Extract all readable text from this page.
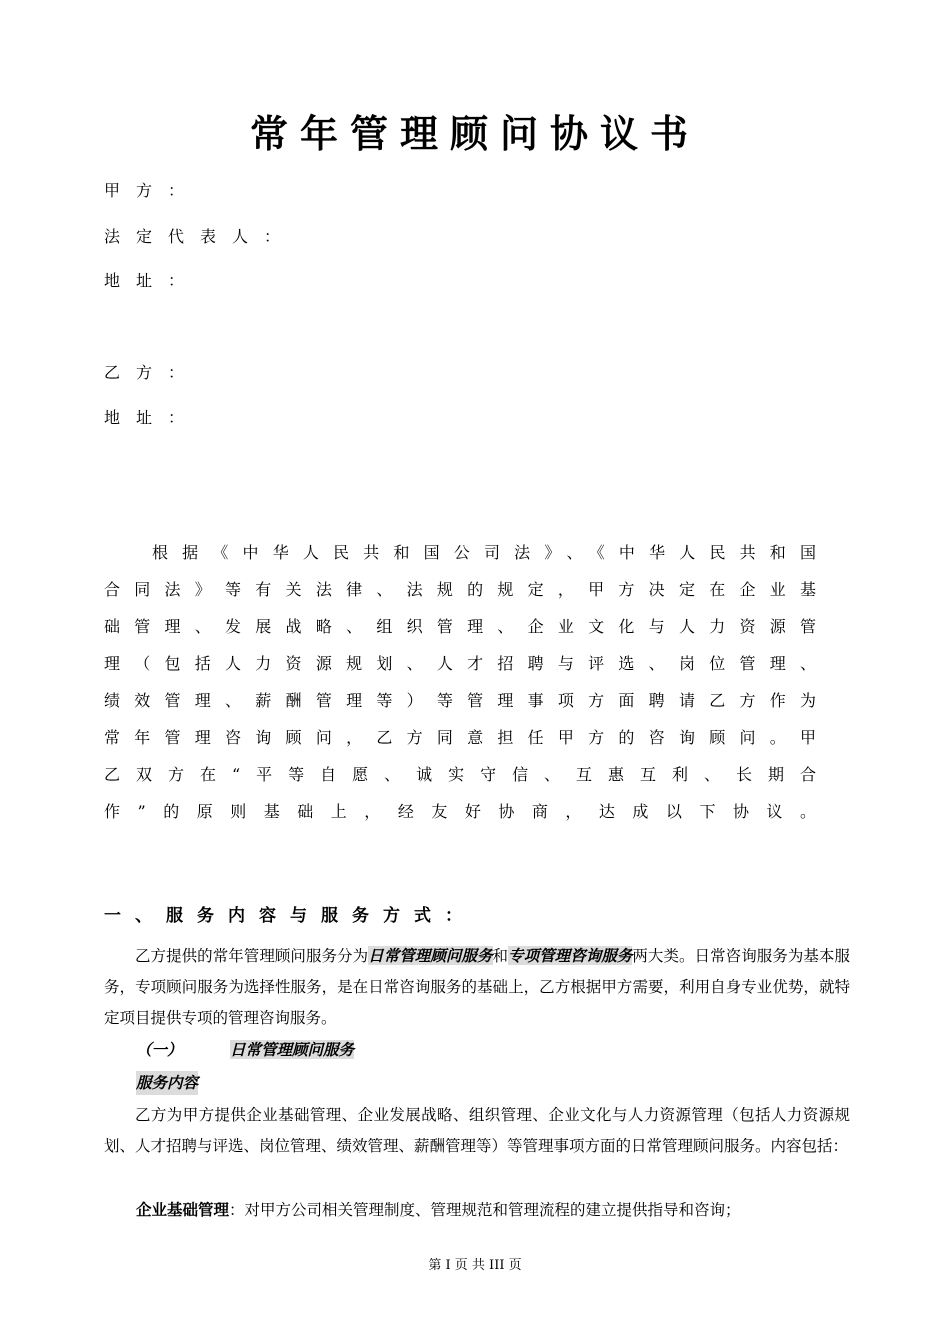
常年管理顾问协议书
甲方：
法定代表人：
地址：
乙方：
地址：

根据《中华人民共和国公司法》、《中华人民共和国合同法》等有关法律、法规的规定，甲方决定在企业基础管理、发展战略、组织管理、企业文化与人力资源管理（包括人力资源规划、人才招聘与评选、岗位管理、绩效管理、薪酬管理等）等管理事项方面聘请乙方作为常年管理咨询顾问，乙方同意担任甲方的咨询顾问。甲乙双方在“平等自愿、诚实守信、互惠互利、长期合作”的原则基础上，经友好协商，达成以下协议。

一、服务内容与服务方式：

乙方提供的常年管理顾问服务分为日常管理顾问服务和专项管理咨询服务两大类。日常咨询服务为基本服务，专项顾问服务为选择性服务，是在日常咨询服务的基础上，乙方根据甲方需要，利用自身专业优势，就特定项目提供专项的管理咨询服务。

（一）	日常管理顾问服务
服务内容

乙方为甲方提供企业基础管理、企业发展战略、组织管理、企业文化与人力资源管理（包括人力资源规划、人才招聘与评选、岗位管理、绩效管理、薪酬管理等）等管理事项方面的日常管理顾问服务。内容包括：

企业基础管理：对甲方公司相关管理制度、管理规范和管理流程的建立提供指导和咨询；
第 I 页 共 III 页
